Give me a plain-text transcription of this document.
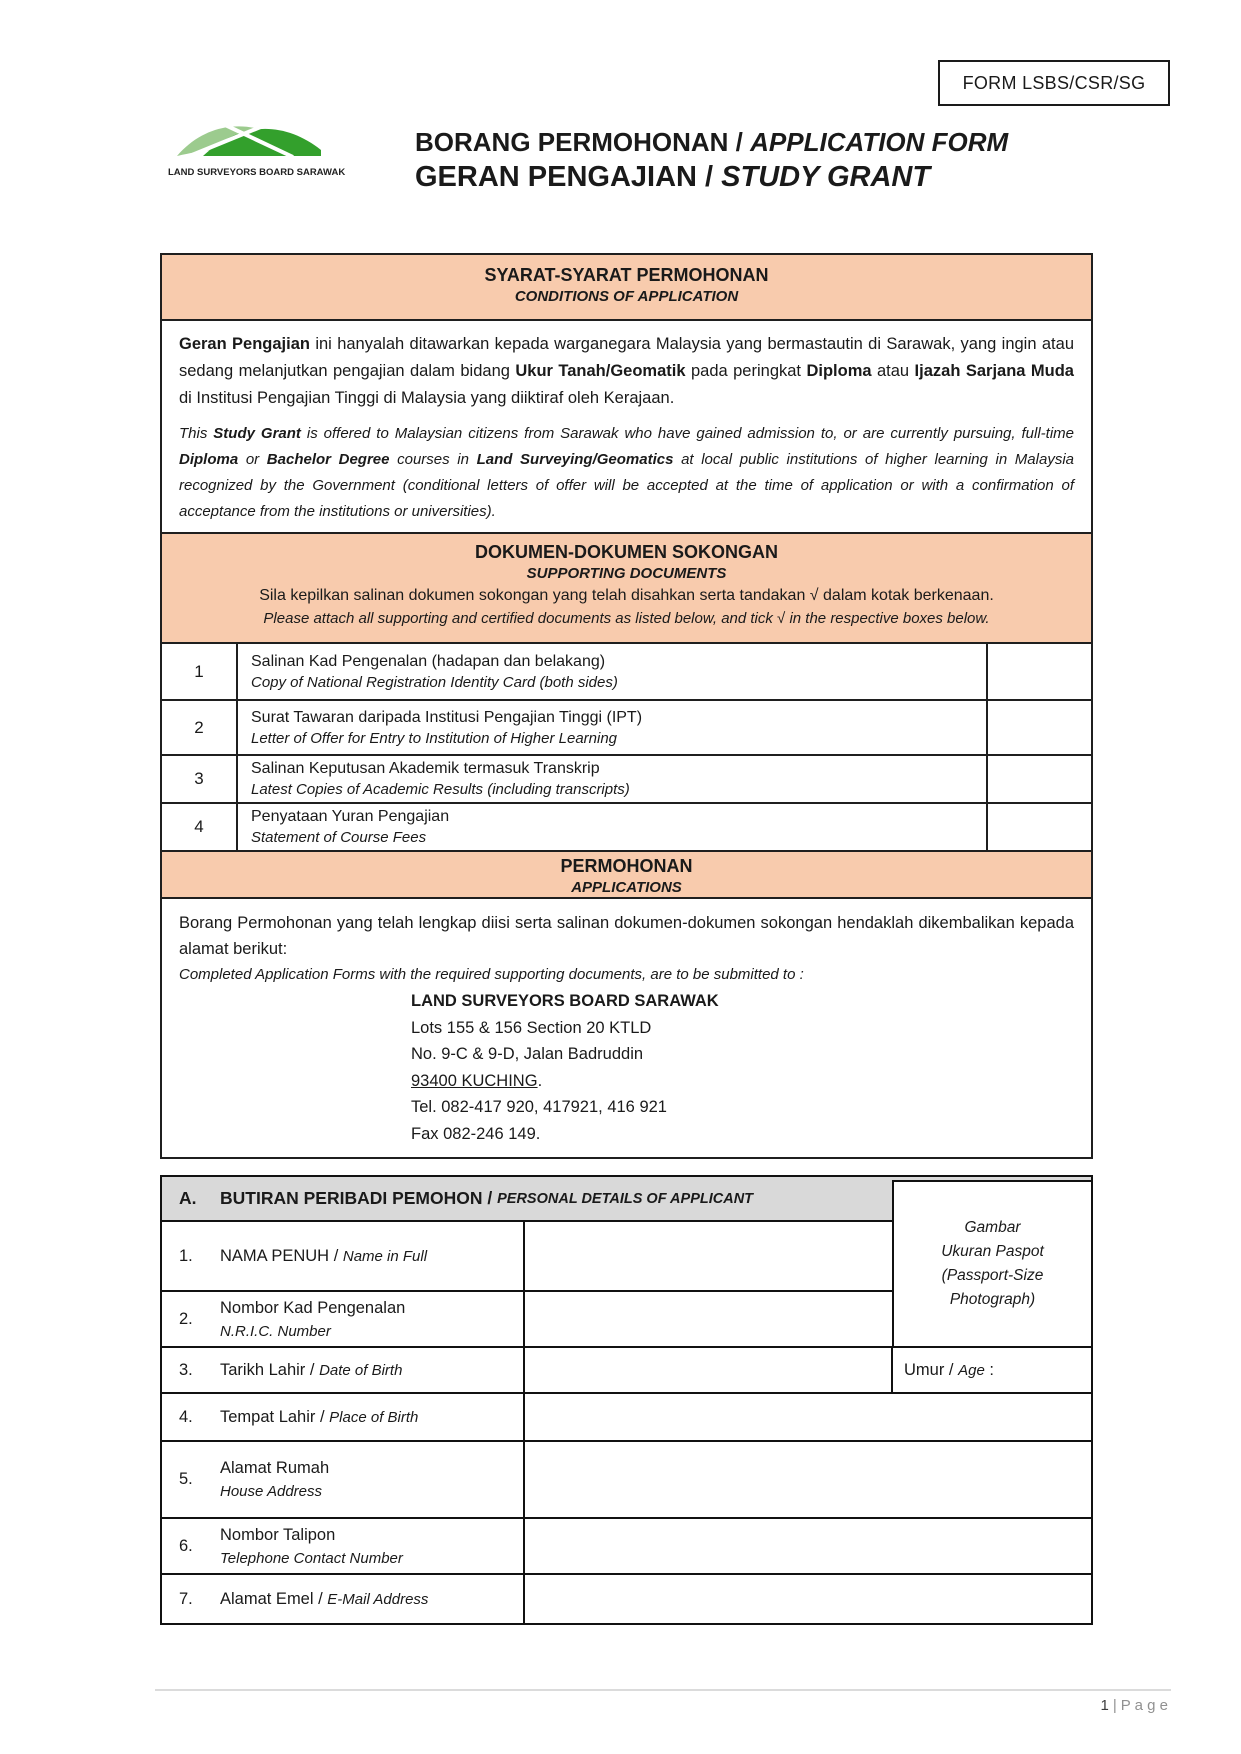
FORM LSBS/CSR/SG
LAND SURVEYORS BOARD SARAWAK
BORANG PERMOHONAN / APPLICATION FORM
GERAN PENGAJIAN / STUDY GRANT
SYARAT-SYARAT PERMOHONAN
CONDITIONS OF APPLICATION

Geran Pengajian ini hanyalah ditawarkan kepada warganegara Malaysia yang bermastautin di Sarawak, yang ingin atau sedang melanjutkan pengajian dalam bidang Ukur Tanah/Geomatik pada peringkat Diploma atau Ijazah Sarjana Muda di Institusi Pengajian Tinggi di Malaysia yang diiktiraf oleh Kerajaan.

This Study Grant is offered to Malaysian citizens from Sarawak who have gained admission to, or are currently pursuing, full-time Diploma or Bachelor Degree courses in Land Surveying/Geomatics at local public institutions of higher learning in Malaysia recognized by the Government (conditional letters of offer will be accepted at the time of application or with a confirmation of acceptance from the institutions or universities).

DOKUMEN-DOKUMEN SOKONGAN
SUPPORTING DOCUMENTS
Sila kepilkan salinan dokumen sokongan yang telah disahkan serta tandakan √ dalam kotak berkenaan.
Please attach all supporting and certified documents as listed below, and tick √ in the respective boxes below.
1
Salinan Kad Pengenalan (hadapan dan belakang)
Copy of National Registration Identity Card (both sides)
2
Surat Tawaran daripada Institusi Pengajian Tinggi (IPT)
Letter of Offer for Entry to Institution of Higher Learning
3
Salinan Keputusan Akademik termasuk Transkrip
Latest Copies of Academic Results (including transcripts)
4
Penyataan Yuran Pengajian
Statement of Course Fees
PERMOHONAN
APPLICATIONS

Borang Permohonan yang telah lengkap diisi serta salinan dokumen-dokumen sokongan hendaklah dikembalikan kepada alamat berikut:

Completed Application Forms with the required supporting documents, are to be submitted to :

LAND SURVEYORS BOARD SARAWAK
Lots 155 & 156 Section 20 KTLD
No. 9-C & 9-D, Jalan Badruddin
93400 KUCHING.
Tel. 082-417 920, 417921, 416 921
Fax 082-246 149.
A.	BUTIRAN PERIBADI PEMOHON / PERSONAL DETAILS OF APPLICANT
Gambar
Ukuran Paspot
(Passport-Size
Photograph)
1.	NAMA PENUH / Name in Full
2.
Nombor Kad Pengenalan
N.R.I.C. Number
3.	Tarikh Lahir / Date of Birth	Umur / Age :
4.	Tempat Lahir / Place of Birth
5.
Alamat Rumah
House Address
6.
Nombor Talipon
Telephone Contact Number
7.	Alamat Emel / E-Mail Address
1 | P a g e
